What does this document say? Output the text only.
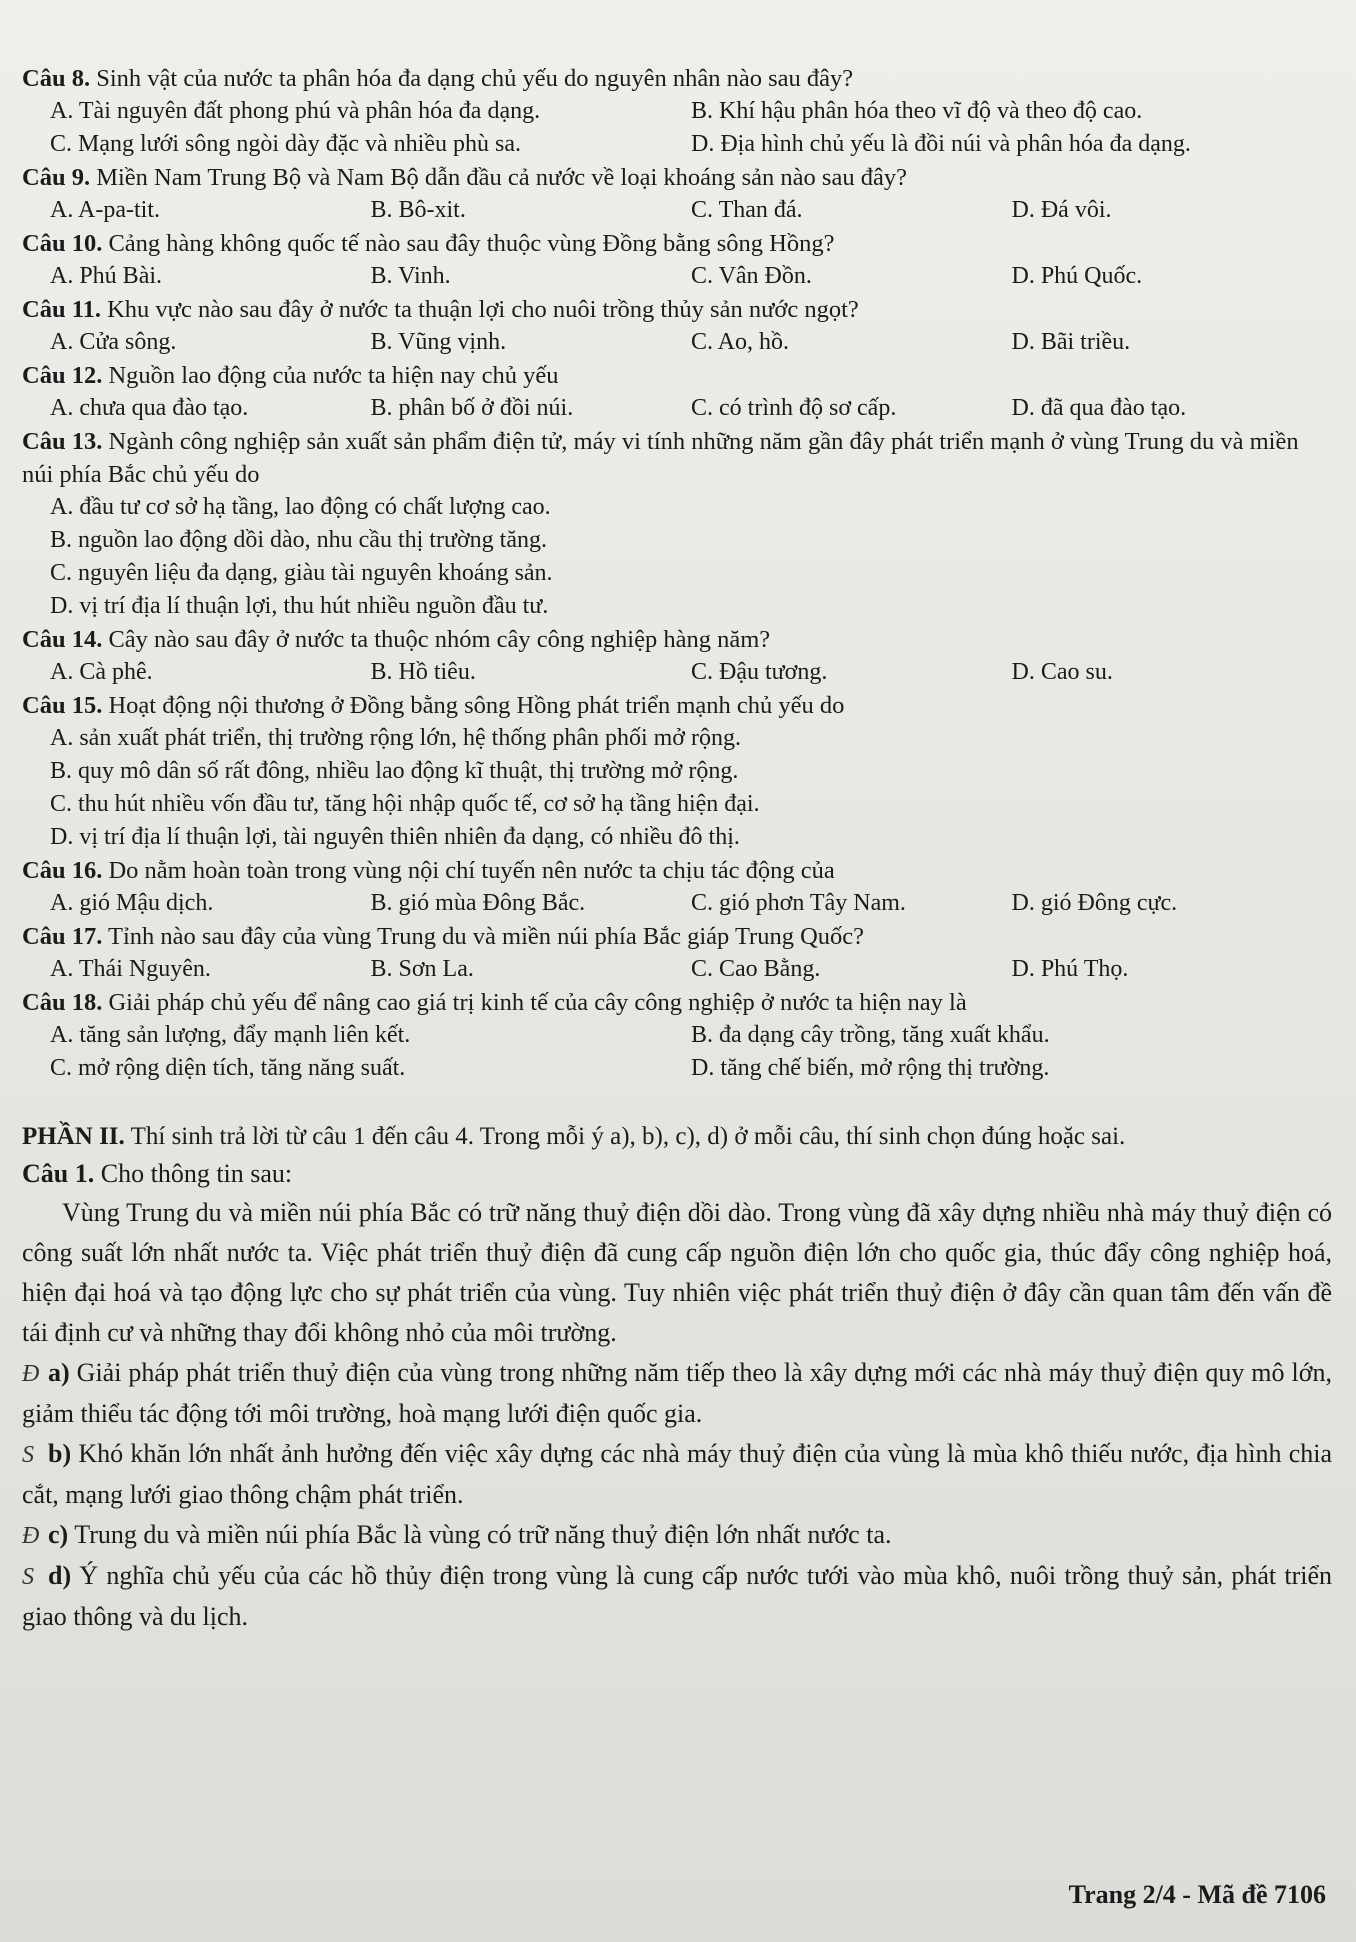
Câu 8. Sinh vật của nước ta phân hóa đa dạng chủ yếu do nguyên nhân nào sau đây?
A. Tài nguyên đất phong phú và phân hóa đa dạng.	B. Khí hậu phân hóa theo vĩ độ và theo độ cao.
C. Mạng lưới sông ngòi dày đặc và nhiều phù sa.	D. Địa hình chủ yếu là đồi núi và phân hóa đa dạng.
Câu 9. Miền Nam Trung Bộ và Nam Bộ dẫn đầu cả nước về loại khoáng sản nào sau đây?
A. A-pa-tit.	B. Bô-xit.	C. Than đá.	D. Đá vôi.
Câu 10. Cảng hàng không quốc tế nào sau đây thuộc vùng Đồng bằng sông Hồng?
A. Phú Bài.	B. Vinh.	C. Vân Đồn.	D. Phú Quốc.
Câu 11. Khu vực nào sau đây ở nước ta thuận lợi cho nuôi trồng thủy sản nước ngọt?
A. Cửa sông.	B. Vũng vịnh.	C. Ao, hồ.	D. Bãi triều.
Câu 12. Nguồn lao động của nước ta hiện nay chủ yếu
A. chưa qua đào tạo.	B. phân bố ở đồi núi.	C. có trình độ sơ cấp.	D. đã qua đào tạo.
Câu 13. Ngành công nghiệp sản xuất sản phẩm điện tử, máy vi tính những năm gần đây phát triển mạnh ở vùng Trung du và miền núi phía Bắc chủ yếu do
A. đầu tư cơ sở hạ tầng, lao động có chất lượng cao.
B. nguồn lao động dồi dào, nhu cầu thị trường tăng.
C. nguyên liệu đa dạng, giàu tài nguyên khoáng sản.
D. vị trí địa lí thuận lợi, thu hút nhiều nguồn đầu tư.
Câu 14. Cây nào sau đây ở nước ta thuộc nhóm cây công nghiệp hàng năm?
A. Cà phê.	B. Hồ tiêu.	C. Đậu tương.	D. Cao su.
Câu 15. Hoạt động nội thương ở Đồng bằng sông Hồng phát triển mạnh chủ yếu do
A. sản xuất phát triển, thị trường rộng lớn, hệ thống phân phối mở rộng.
B. quy mô dân số rất đông, nhiều lao động kĩ thuật, thị trường mở rộng.
C. thu hút nhiều vốn đầu tư, tăng hội nhập quốc tế, cơ sở hạ tầng hiện đại.
D. vị trí địa lí thuận lợi, tài nguyên thiên nhiên đa dạng, có nhiều đô thị.
Câu 16. Do nằm hoàn toàn trong vùng nội chí tuyến nên nước ta chịu tác động của
A. gió Mậu dịch.	B. gió mùa Đông Bắc.	C. gió phơn Tây Nam.	D. gió Đông cực.
Câu 17. Tỉnh nào sau đây của vùng Trung du và miền núi phía Bắc giáp Trung Quốc?
A. Thái Nguyên.	B. Sơn La.	C. Cao Bằng.	D. Phú Thọ.
Câu 18. Giải pháp chủ yếu để nâng cao giá trị kinh tế của cây công nghiệp ở nước ta hiện nay là
A. tăng sản lượng, đẩy mạnh liên kết.	B. đa dạng cây trồng, tăng xuất khẩu.
C. mở rộng diện tích, tăng năng suất.	D. tăng chế biến, mở rộng thị trường.
PHẦN II. Thí sinh trả lời từ câu 1 đến câu 4. Trong mỗi ý a), b), c), d) ở mỗi câu, thí sinh chọn đúng hoặc sai.
Câu 1. Cho thông tin sau:
Vùng Trung du và miền núi phía Bắc có trữ năng thuỷ điện dồi dào. Trong vùng đã xây dựng nhiều nhà máy thuỷ điện có công suất lớn nhất nước ta. Việc phát triển thuỷ điện đã cung cấp nguồn điện lớn cho quốc gia, thúc đẩy công nghiệp hoá, hiện đại hoá và tạo động lực cho sự phát triển của vùng. Tuy nhiên việc phát triển thuỷ điện ở đây cần quan tâm đến vấn đề tái định cư và những thay đổi không nhỏ của môi trường.
Đ a) Giải pháp phát triển thuỷ điện của vùng trong những năm tiếp theo là xây dựng mới các nhà máy thuỷ điện quy mô lớn, giảm thiểu tác động tới môi trường, hoà mạng lưới điện quốc gia.
S b) Khó khăn lớn nhất ảnh hưởng đến việc xây dựng các nhà máy thuỷ điện của vùng là mùa khô thiếu nước, địa hình chia cắt, mạng lưới giao thông chậm phát triển.
Đ c) Trung du và miền núi phía Bắc là vùng có trữ năng thuỷ điện lớn nhất nước ta.
S d) Ý nghĩa chủ yếu của các hồ thủy điện trong vùng là cung cấp nước tưới vào mùa khô, nuôi trồng thuỷ sản, phát triển giao thông và du lịch.
Trang 2/4 - Mã đề 7106
